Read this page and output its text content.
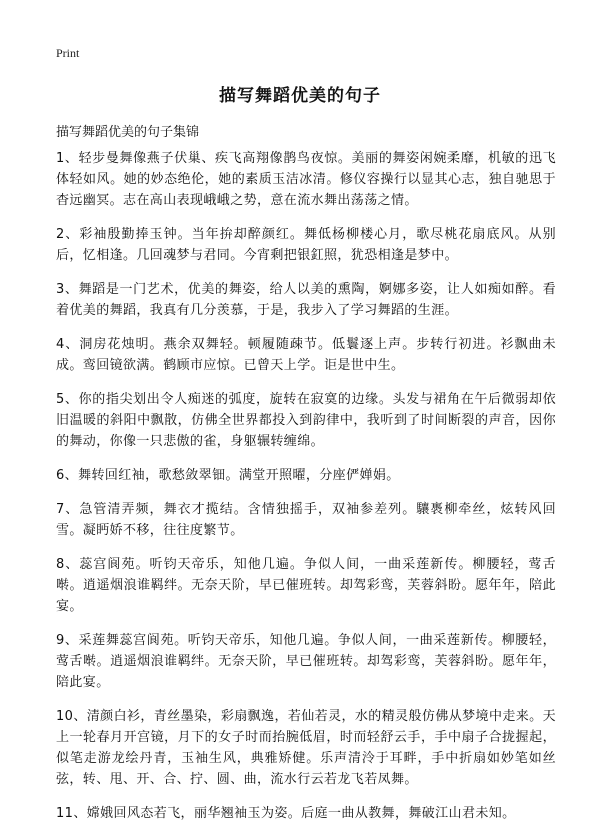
Print
描写舞蹈优美的句子

描写舞蹈优美的句子集锦

1、轻步曼舞像燕子伏巢、疾飞高翔像鹊鸟夜惊。美丽的舞姿闲婉柔靡，机敏的迅飞体轻如风。她的妙态绝伦，她的素质玉洁冰清。修仪容操行以显其心志，独自驰思于杳远幽冥。志在高山表现峨峨之势，意在流水舞出荡荡之情。

2、彩袖殷勤捧玉钟。当年拚却醉颜红。舞低杨柳楼心月，歌尽桃花扇底风。从别后，忆相逢。几回魂梦与君同。今宵剩把银釭照，犹恐相逢是梦中。

3、舞蹈是一门艺术，优美的舞姿，给人以美的熏陶，婀娜多姿，让人如痴如醉。看着优美的舞蹈，我真有几分羡慕，于是，我步入了学习舞蹈的生涯。

4、洞房花烛明。燕余双舞轻。顿履随疎节。低鬟逐上声。步转行初进。衫飘曲未成。鸾回镜欲满。鹤顾市应惊。已曾天上学。讵是世中生。

5、你的指尖划出令人痴迷的弧度，旋转在寂寞的边缘。头发与裙角在午后微弱却依旧温暖的斜阳中飘散，仿佛全世界都投入到韵律中，我听到了时间断裂的声音，因你的舞动，你像一只悲傲的雀，身躯辗转缠绵。

6、舞转回红袖，歌愁敛翠钿。满堂开照曜，分座俨婵娟。

7、急管清弄频，舞衣才揽结。含情独摇手，双袖参差列。驤褭柳牵丝，炫转风回雪。凝眄娇不移，往往度繁节。

8、蕊宫阆苑。听钧天帝乐，知他几遍。争似人间，一曲采莲新传。柳腰轻，莺舌啭。逍遥烟浪谁羁绊。无奈天阶，早已催班转。却驾彩鸾，芙蓉斜盼。愿年年，陪此宴。

9、采莲舞蕊宫阆苑。听钧天帝乐，知他几遍。争似人间，一曲采莲新传。柳腰轻，莺舌啭。逍遥烟浪谁羁绊。无奈天阶，早已催班转。却驾彩鸾，芙蓉斜盼。愿年年，陪此宴。

10、清颜白衫，青丝墨染，彩扇飘逸，若仙若灵，水的精灵般仿佛从梦境中走来。天上一轮春月开宫镜，月下的女子时而抬腕低眉，时而轻舒云手，手中扇子合拢握起，似笔走游龙绘丹青，玉袖生风，典雅矫健。乐声清泠于耳畔，手中折扇如妙笔如丝弦，转、甩、开、合、拧、圆、曲，流水行云若龙飞若凤舞。

11、嫦娥回风态若飞，丽华翘袖玉为姿。后庭一曲从教舞，舞破江山君未知。
